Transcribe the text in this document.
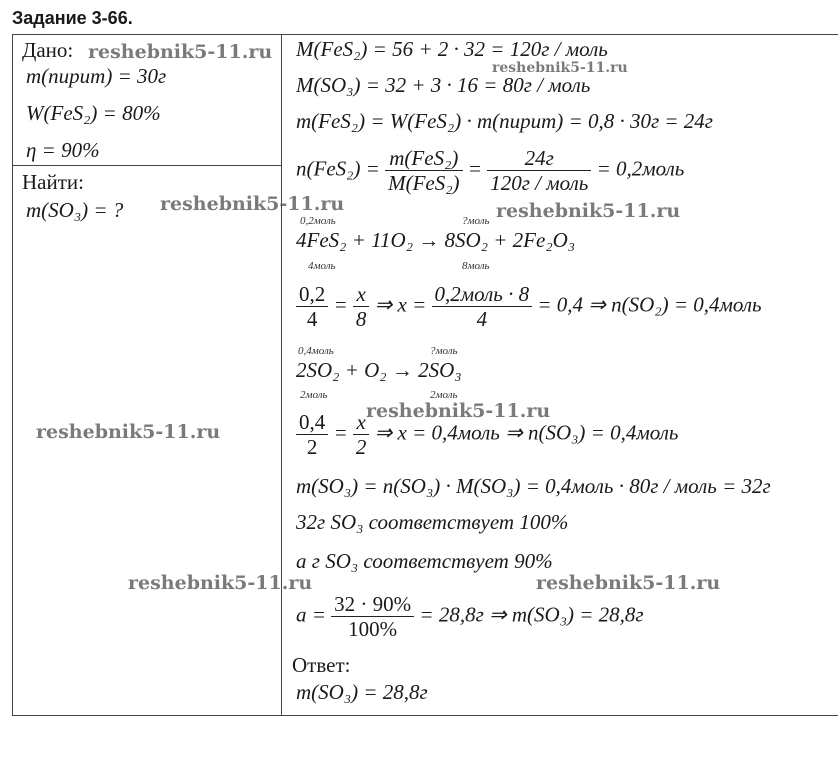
Задание 3-66.
Дано:
m(пирит) = 30г
W(FeS₂) = 80%
η = 90%
Найти:
m(SO₃) = ?
M(FeS₂) = 56 + 2 · 32 = 120г / моль
M(SO₃) = 32 + 3 · 16 = 80г / моль
m(FeS₂) = W(FeS₂) · m(пирит) = 0,8 · 30г = 24г
$n(FeS_2) = \frac{\text{m(FeS₂)}}{\text{M(FeS₂)}} = \frac{24г}{\text{120г / моль}}$ = 0,2моль
0,2моль	?моль
4FeS₂ + 11O₂ → 8SO₂ + 2Fe₂O₃
4моль	8моль
$\frac{0,2}{4} = \frac{x}{8}$ ⇒ $x = \frac{\text{0,2моль · 8}}{4} = 0,4$ ⇒ n(SO₂) = 0,4моль
0,4моль	?моль
2SO₂ + O₂ → 2SO₃
2моль	2моль
$\frac{0,4}{2} = \frac{x}{2}$ ⇒ x = 0,4моль ⇒ n(SO₃) = 0,4моль
m(SO₃) = n(SO₃) · M(SO₃) = 0,4моль · 80г / моль = 32г
32г SO₃ соответствует 100%
а г SO₃ соответствует 90%
$а = \frac{32 \cdot 90\%}{100\%} = 28,8г$ ⇒ m(SO₃) = 28,8г
Ответ:
m(SO₃) = 28,8г
reshebnik5-11.ru
reshebnik5-11.ru	reshebnik5-11.ru
reshebnik5-11.ru
reshebnik5-11.ru
reshebnik5-11.ru	reshebnik5-11.ru
reshebnik5-11.ru
